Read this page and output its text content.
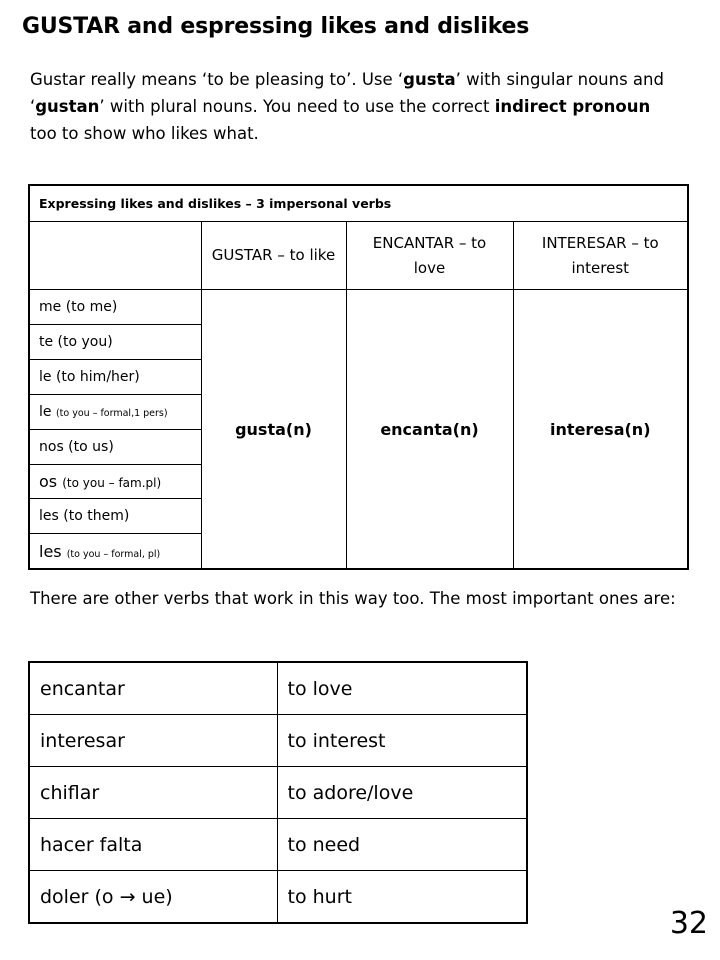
GUSTAR and espressing likes and dislikes

Gustar really means ‘to be pleasing to’. Use ‘gusta’ with singular nouns and ‘gustan’ with plural nouns. You need to use the correct indirect pronoun too to show who likes what.

Expressing likes and dislikes – 3 impersonal verbs			
	GUSTAR – to like	ENCANTAR – to love	INTERESAR – to interest
me (to me)	gusta(n)	encanta(n)	interesa(n)
te (to you)			
le (to him/her)			
le (to you – formal,1 pers)			
nos (to us)			
os (to you – fam.pl)			
les (to them)			
les (to you – formal, pl)			

There are other verbs that work in this way too. The most important ones are:

encantar	to love
interesar	to interest
chiflar	to adore/love
hacer falta	to need
doler (o → ue)	to hurt
32
